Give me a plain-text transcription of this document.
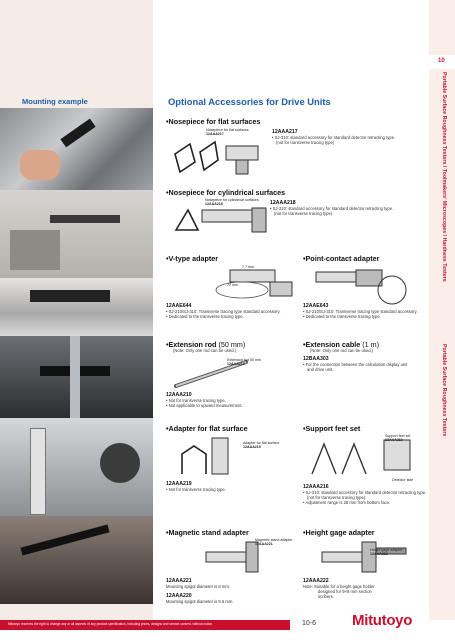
Mounting example
10
Portable Surface Roughness Testers / Toolmakers' Microscopes / Hardness Testers
Portable Surface Roughness Testers
Optional Accessories for Drive Units
•Nosepiece for flat surfaces
Nosepiece for flat surfaces
12AAA217	12AAA217
• SJ-310: standard accessory for standard detector retracting type.
(not for transverse tracing type)
•Nosepiece for cylindrical surfaces
Nosepiece for cylindrical surfaces
12AAA218	12AAA218
• SJ-310: standard accessory for standard detector retracting type.
(not for transverse tracing type)
•V-type adapter
7.7 mm
72 mm
12AAE644
• SJ-210/SJ-310: Transverse tracing type standard accessory.
• Dedicated to the transverse tracing type.
•Point-contact adapter
12AAE643
• SJ-210/SJ-310: Transverse tracing type standard accessory.
• Dedicated to the transverse tracing type.
•Extension rod (50 mm)
(Note: Only one rod can be used.)
Extension rod 50 mm
12AAA210
12AAA210
• Not for transverse tracing type.
• Not applicable to upward measurement.
•Extension cable (1 m)
(Note: Only one rod can be used.)
12BAA303
• For the connection between the calculation display unit
and drive unit.
•Adapter for flat surface
Adapter for flat surface
12AAA219
12AAA219
• Not for transverse tracing type.
•Support feet set
Support feet set
12AAA216
Detector side
12AAA216
• SJ-310: standard accessory for standard detector retracting type.
(not for transverse tracing type)
• Adjustment range is 28 mm from bottom face.
•Magnetic stand adapter
Magnetic stand adapter
12AAA221
12AAA221
Mounting spigot diameter is 8 mm.
12AAA220
Mounting spigot diameter is 9.5 mm.
•Height gage adapter
Height gage adapter
12AAA222
12AAA222
Note: Suitable for a height gage holder
designed for 9×9 mm section
scribers.
Mitutoyo reserves the right to change any or all aspects of any product specification, including prices, designs and service content, without notice.	10-6 Mitutoyo
